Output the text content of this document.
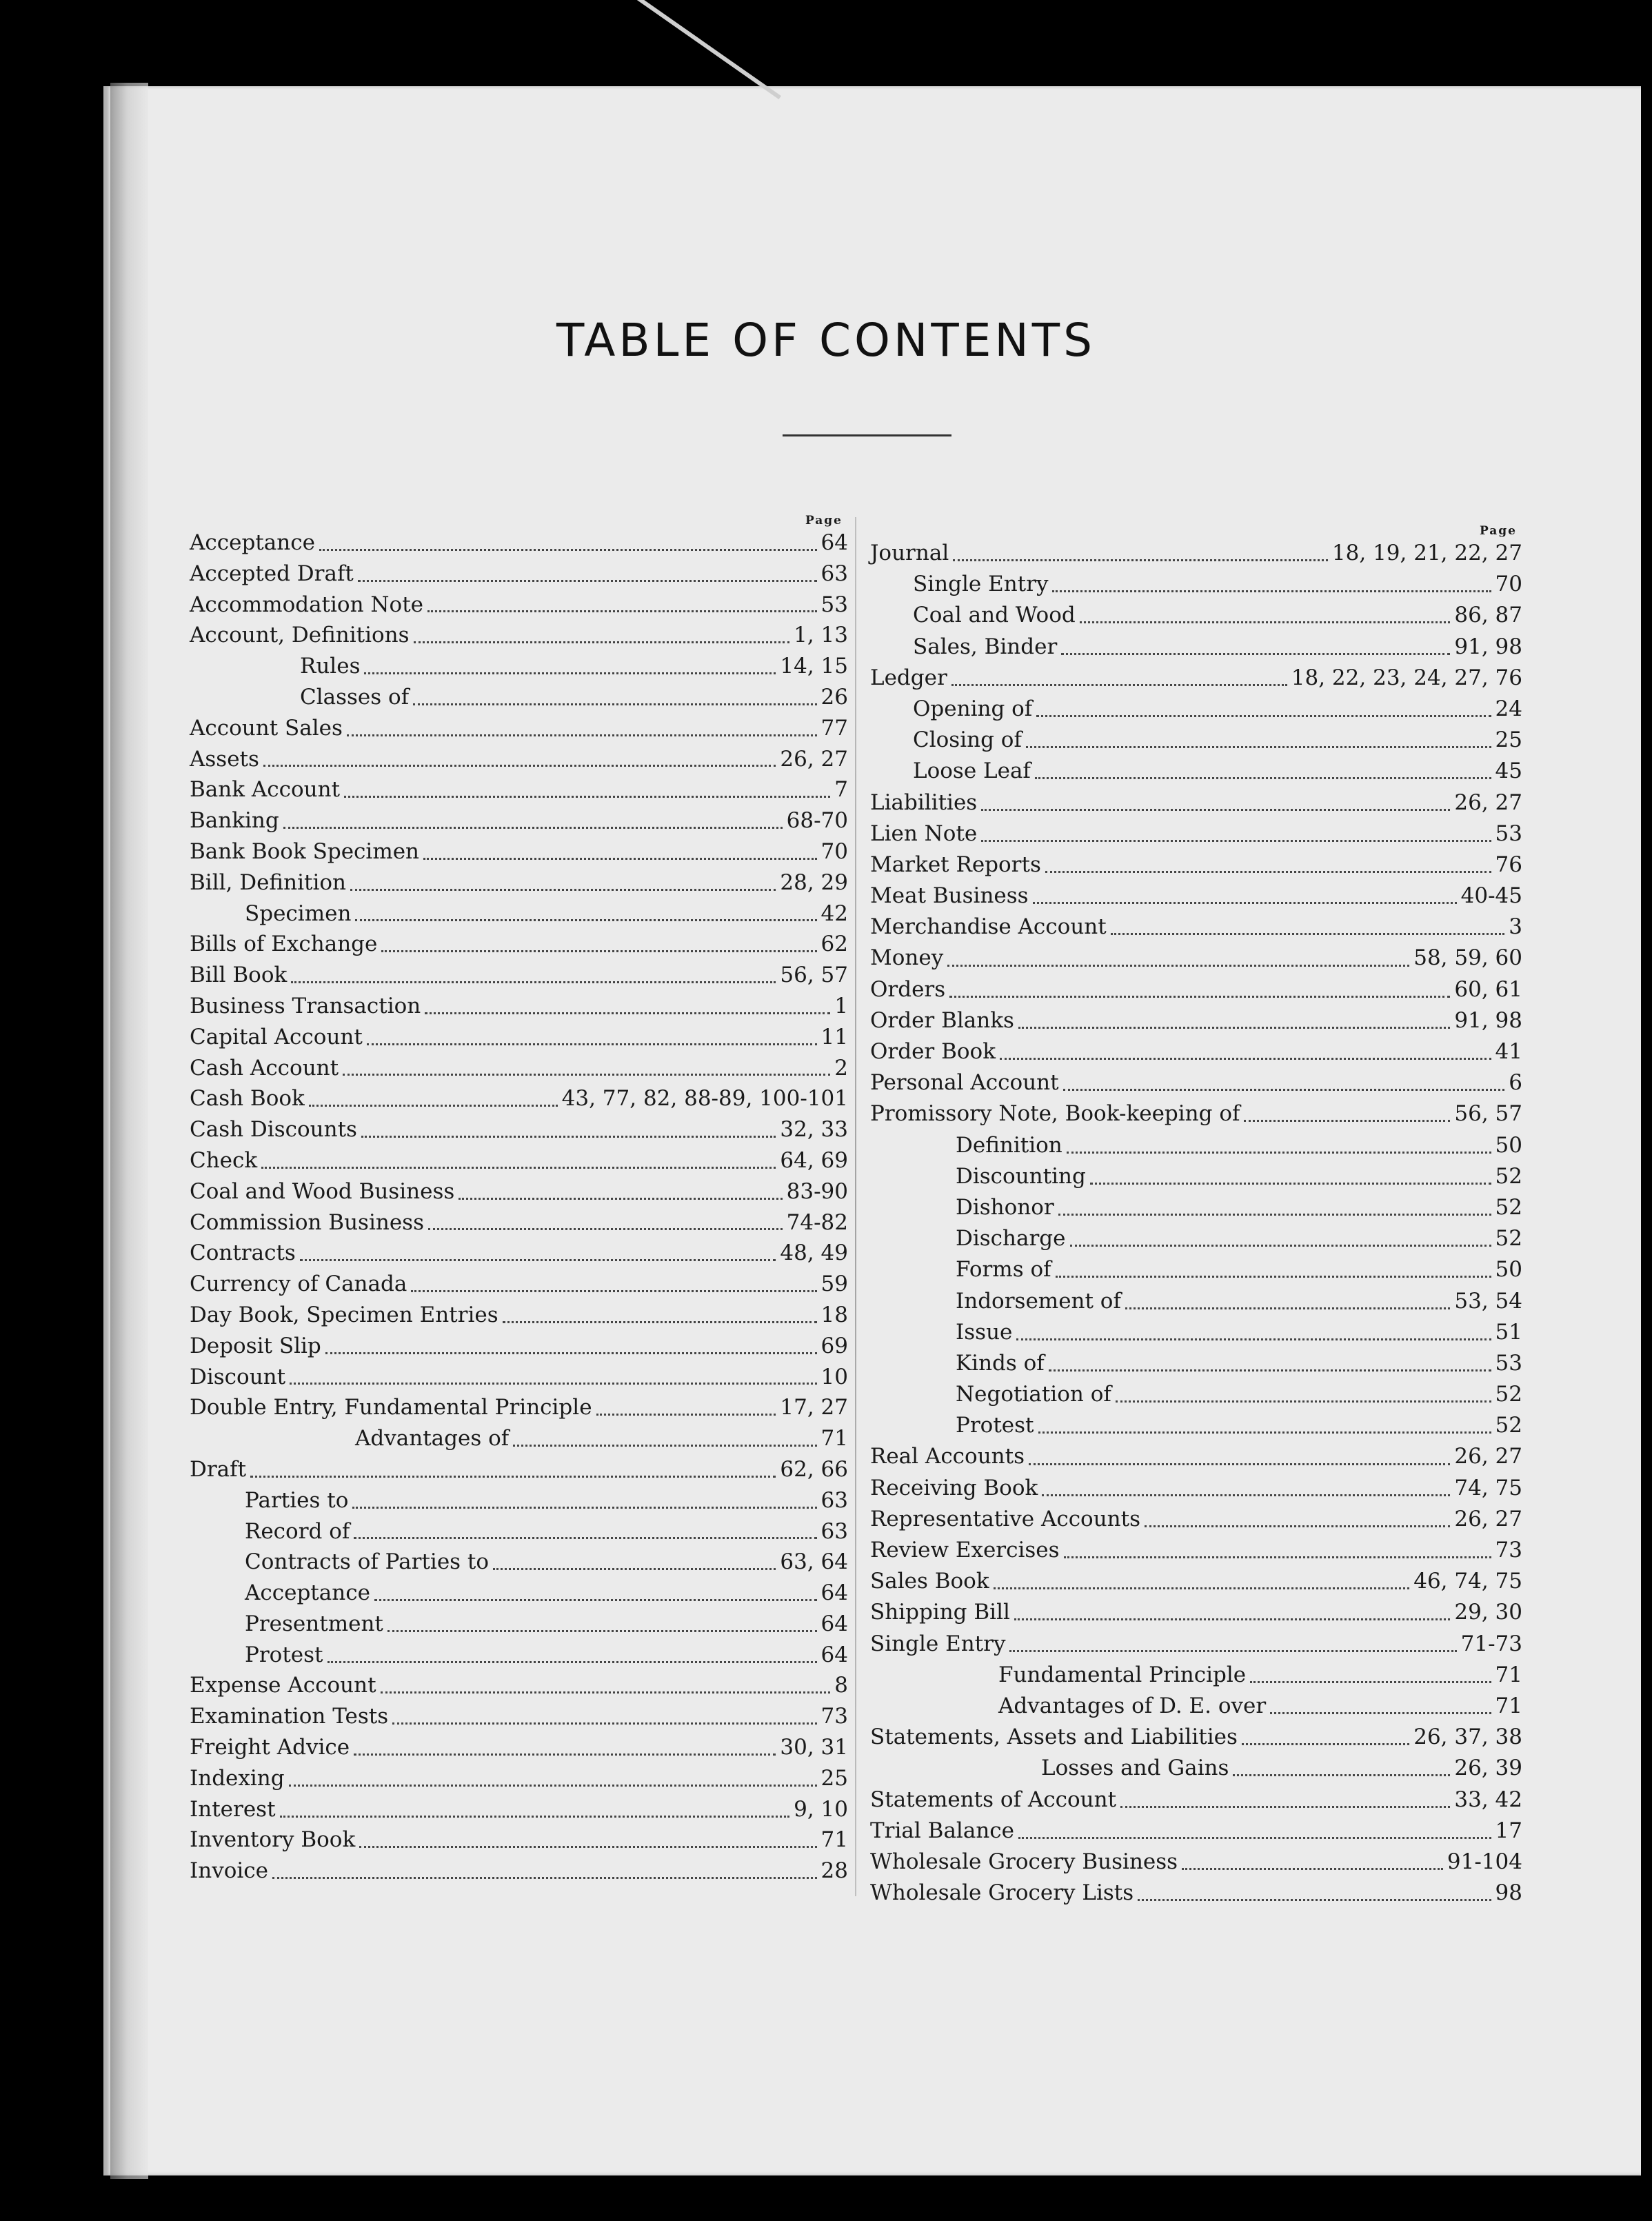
TABLE OF CONTENTS
Page
Acceptance	64
Accepted Draft	63
Accommodation Note	53
Account, Definitions	1, 13
Rules	14, 15
Classes of	26
Account Sales	77
Assets	26, 27
Bank Account	7
Banking	68-70
Bank Book Specimen	70
Bill, Definition	28, 29
Specimen	42
Bills of Exchange	62
Bill Book	56, 57
Business Transaction	1
Capital Account	11
Cash Account	2
Cash Book	43, 77, 82, 88-89, 100-101
Cash Discounts	32, 33
Check	64, 69
Coal and Wood Business	83-90
Commission Business	74-82
Contracts	48, 49
Currency of Canada	59
Day Book, Specimen Entries	18
Deposit Slip	69
Discount	10
Double Entry, Fundamental Principle	17, 27
Advantages of	71
Draft	62, 66
Parties to	63
Record of	63
Contracts of Parties to	63, 64
Acceptance	64
Presentment	64
Protest	64
Expense Account	8
Examination Tests	73
Freight Advice	30, 31
Indexing	25
Interest	9, 10
Inventory Book	71
Invoice	28
Page
Journal	18, 19, 21, 22, 27
Single Entry	70
Coal and Wood	86, 87
Sales, Binder	91, 98
Ledger	18, 22, 23, 24, 27, 76
Opening of	24
Closing of	25
Loose Leaf	45
Liabilities	26, 27
Lien Note	53
Market Reports	76
Meat Business	40-45
Merchandise Account	3
Money	58, 59, 60
Orders	60, 61
Order Blanks	91, 98
Order Book	41
Personal Account	6
Promissory Note, Book-keeping of	56, 57
Definition	50
Discounting	52
Dishonor	52
Discharge	52
Forms of	50
Indorsement of	53, 54
Issue	51
Kinds of	53
Negotiation of	52
Protest	52
Real Accounts	26, 27
Receiving Book	74, 75
Representative Accounts	26, 27
Review Exercises	73
Sales Book	46, 74, 75
Shipping Bill	29, 30
Single Entry	71-73
Fundamental Principle	71
Advantages of D. E. over	71
Statements, Assets and Liabilities	26, 37, 38
Losses and Gains	26, 39
Statements of Account	33, 42
Trial Balance	17
Wholesale Grocery Business	91-104
Wholesale Grocery Lists	98
